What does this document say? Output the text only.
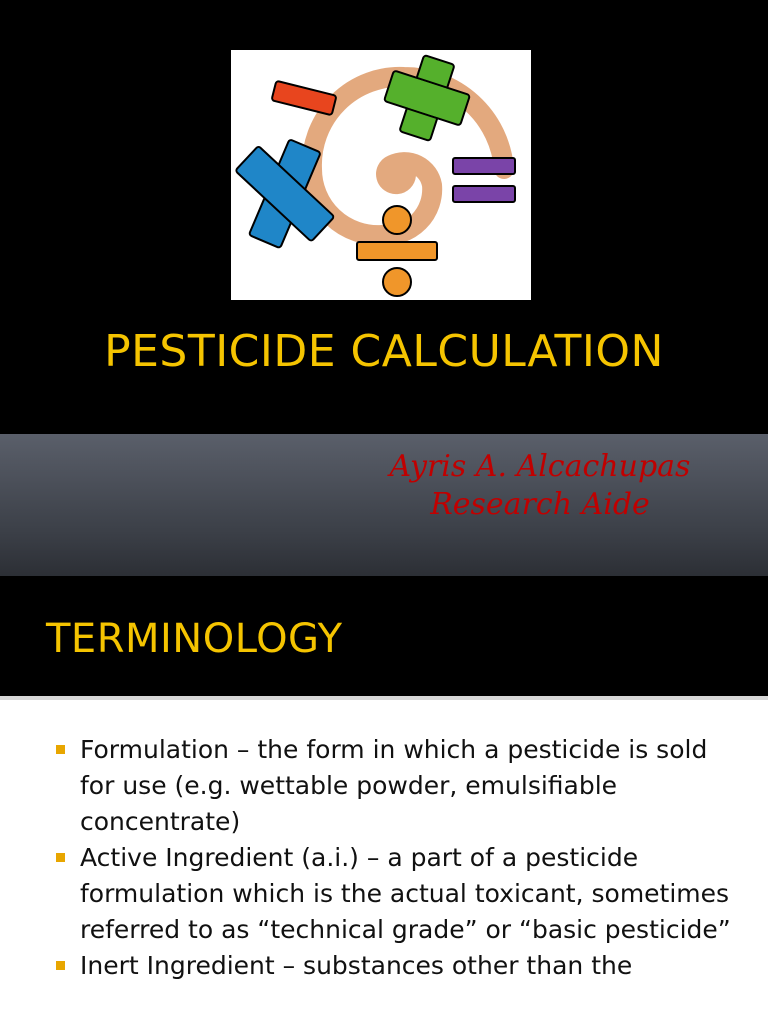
PESTICIDE CALCULATION
Ayris A. Alcachupas
Research Aide
TERMINOLOGY
Formulation – the form in which a pesticide is sold for use (e.g. wettable powder, emulsifiable concentrate)
Active Ingredient (a.i.) – a part of a pesticide formulation which is the actual toxicant, sometimes referred to as “technical grade” or “basic pesticide”
Inert Ingredient – substances other than the
